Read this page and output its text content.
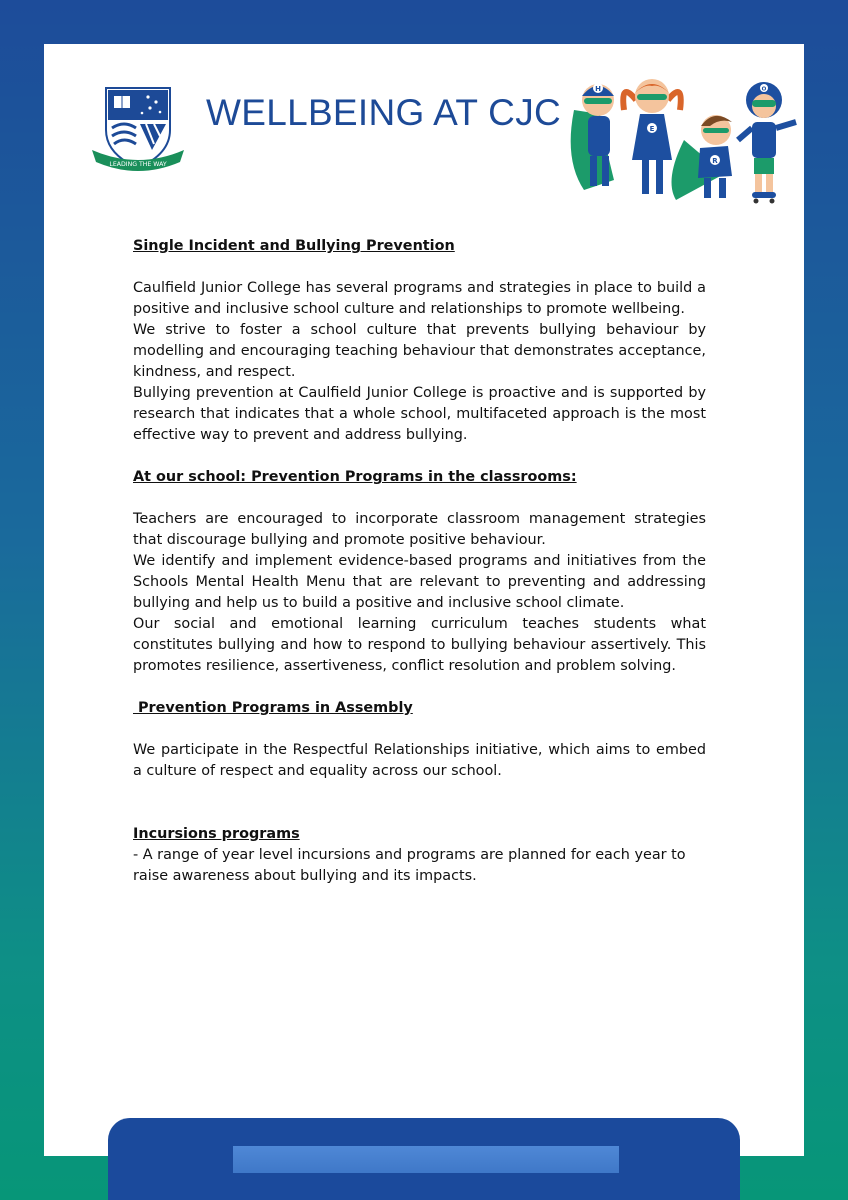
LEADING THE WAY
WELLBEING AT CJC
H
E
R
O
Single Incident and Bullying Prevention

Caulfield Junior College has several programs and strategies in place to build a positive and inclusive school culture and relationships to promote wellbeing.

We strive to foster a school culture that prevents bullying behaviour by modelling and encouraging teaching behaviour that demonstrates acceptance, kindness, and respect.

Bullying prevention at Caulfield Junior College is proactive and is supported by research that indicates that a whole school, multifaceted approach is the most effective way to prevent and address bullying.

At our school: Prevention Programs in the classrooms:

Teachers are encouraged to incorporate classroom management strategies that discourage bullying and promote positive behaviour.

We identify and implement evidence-based programs and initiatives from the Schools Mental Health Menu that are relevant to preventing and addressing bullying and help us to build a positive and inclusive school climate.

Our social and emotional learning curriculum teaches students what constitutes bullying and how to respond to bullying behaviour assertively. This promotes resilience, assertiveness, conflict resolution and problem solving.

Prevention Programs in Assembly

We participate in the Respectful Relationships initiative, which aims to embed a culture of respect and equality across our school.

Incursions programs

- A range of year level incursions and programs are planned for each year to raise awareness about bullying and its impacts.
